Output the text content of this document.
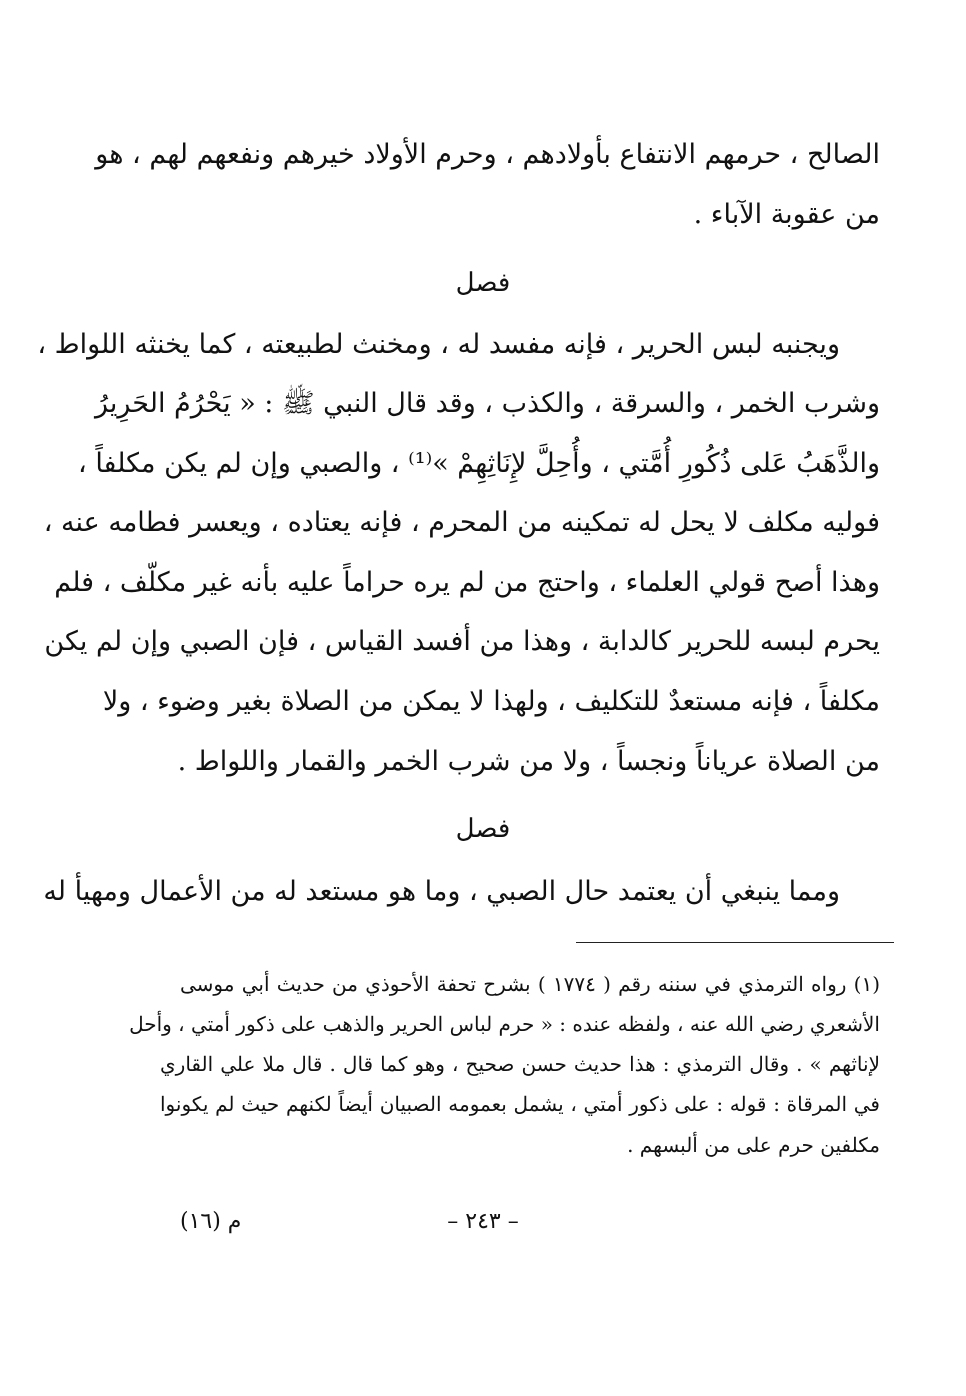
الصالح ، حرمهم الانتفاع بأولادهم ، وحرم الأولاد خيرهم ونفعهم لهم ، هو
من عقوبة الآباء .
فصل
ويجنبه لبس الحرير ، فإنه مفسد له ، ومخنث لطبيعته ، كما يخنثه اللواط ،
وشرب الخمر ، والسرقة ، والكذب ، وقد قال النبي ﷺ : « يَحْرُمُ الحَرِيرُ
والذَّهَبُ عَلى ذُكُورِ أُمَّتي ، وأُحِلَّ لإِنَاثِهِمْ »⁽¹⁾ ، والصبي وإن لم يكن مكلفاً ،
فوليه مكلف لا يحل له تمكينه من المحرم ، فإنه يعتاده ، ويعسر فطامه عنه ،
وهذا أصح قولي العلماء ، واحتج من لم يره حراماً عليه بأنه غير مكلّف ، فلم
يحرم لبسه للحرير كالدابة ، وهذا من أفسد القياس ، فإن الصبي وإن لم يكن
مكلفاً ، فإنه مستعدٌ للتكليف ، ولهذا لا يمكن من الصلاة بغير وضوء ، ولا
من الصلاة عرياناً ونجساً ، ولا من شرب الخمر والقمار واللواط .
فصل
ومما ينبغي أن يعتمد حال الصبي ، وما هو مستعد له من الأعمال ومهيأ له
(١) رواه الترمذي في سننه رقم ( ١٧٧٤ ) بشرح تحفة الأحوذي من حديث أبي موسى
الأشعري رضي الله عنه ، ولفظه عنده : « حرم لباس الحرير والذهب على ذكور أمتي ، وأحل
لإناثهم » . وقال الترمذي : هذا حديث حسن صحيح ، وهو كما قال . قال ملا علي القاري
في المرقاة : قوله : على ذكور أمتي ، يشمل بعمومه الصبيان أيضاً لكنهم حيث لم يكونوا
مكلفين حرم على من ألبسهم .
– ٢٤٣ –
م (١٦)
